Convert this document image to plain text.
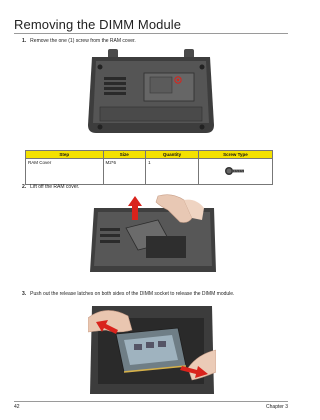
Removing the DIMM Module
1. Remove the one (1) screw from the RAM cover.
Step	Size	Quantity	Screw Type
RAM Cover	M2*6	1	
2. Lift off the RAM cover.
3. Push out the release latches on both sides of the DIMM socket to release the DIMM module.
42	Chapter 3
